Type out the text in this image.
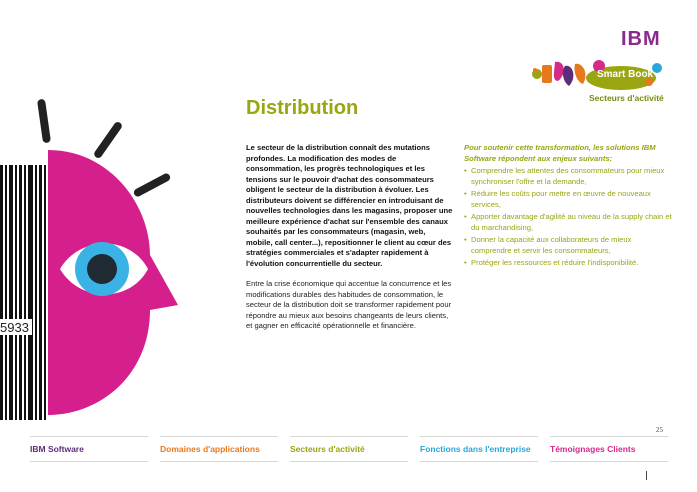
IBM
Smart Book
Secteurs d'activité
5933
Distribution

Le secteur de la distribution connaît des mutations profondes. La modification des modes de consommation, les progrès technologiques et les tensions sur le pouvoir d'achat des consommateurs obligent le secteur de la distribution à évoluer. Les distributeurs doivent se différencier en introduisant de nouvelles technologies dans les magasins, proposer une meilleure expérience d'achat sur l'ensemble des canaux souhaités par les consommateurs (magasin, web, mobile, call center...), repositionner le client au cœur des stratégies commerciales et s'adapter rapidement à l'évolution concurrentielle du secteur.

Entre la crise économique qui accentue la concurrence et les modifications durables des habitudes de consommation, le secteur de la distribution doit se transformer rapidement pour répondre au mieux aux besoins changeants de leurs clients, et gagner en efficacité opérationnelle et financière.

Pour soutenir cette transformation, les solutions IBM Software répondent aux enjeux suivants:

• Comprendre les attentes des consommateurs pour mieux synchroniser l'offre et la demande,
• Réduire les coûts pour mettre en œuvre de nouveaux services,
• Apporter davantage d'agilité au niveau de la supply chain et du marchandising,
• Donner la capacité aux collaborateurs de mieux comprendre et servir les consommateurs,
• Protéger les ressources et réduire l'indisponibilité.
25
IBM Software	Domaines d'applications	Secteurs d'activité	Fonctions dans l'entreprise Témoignages Clients
